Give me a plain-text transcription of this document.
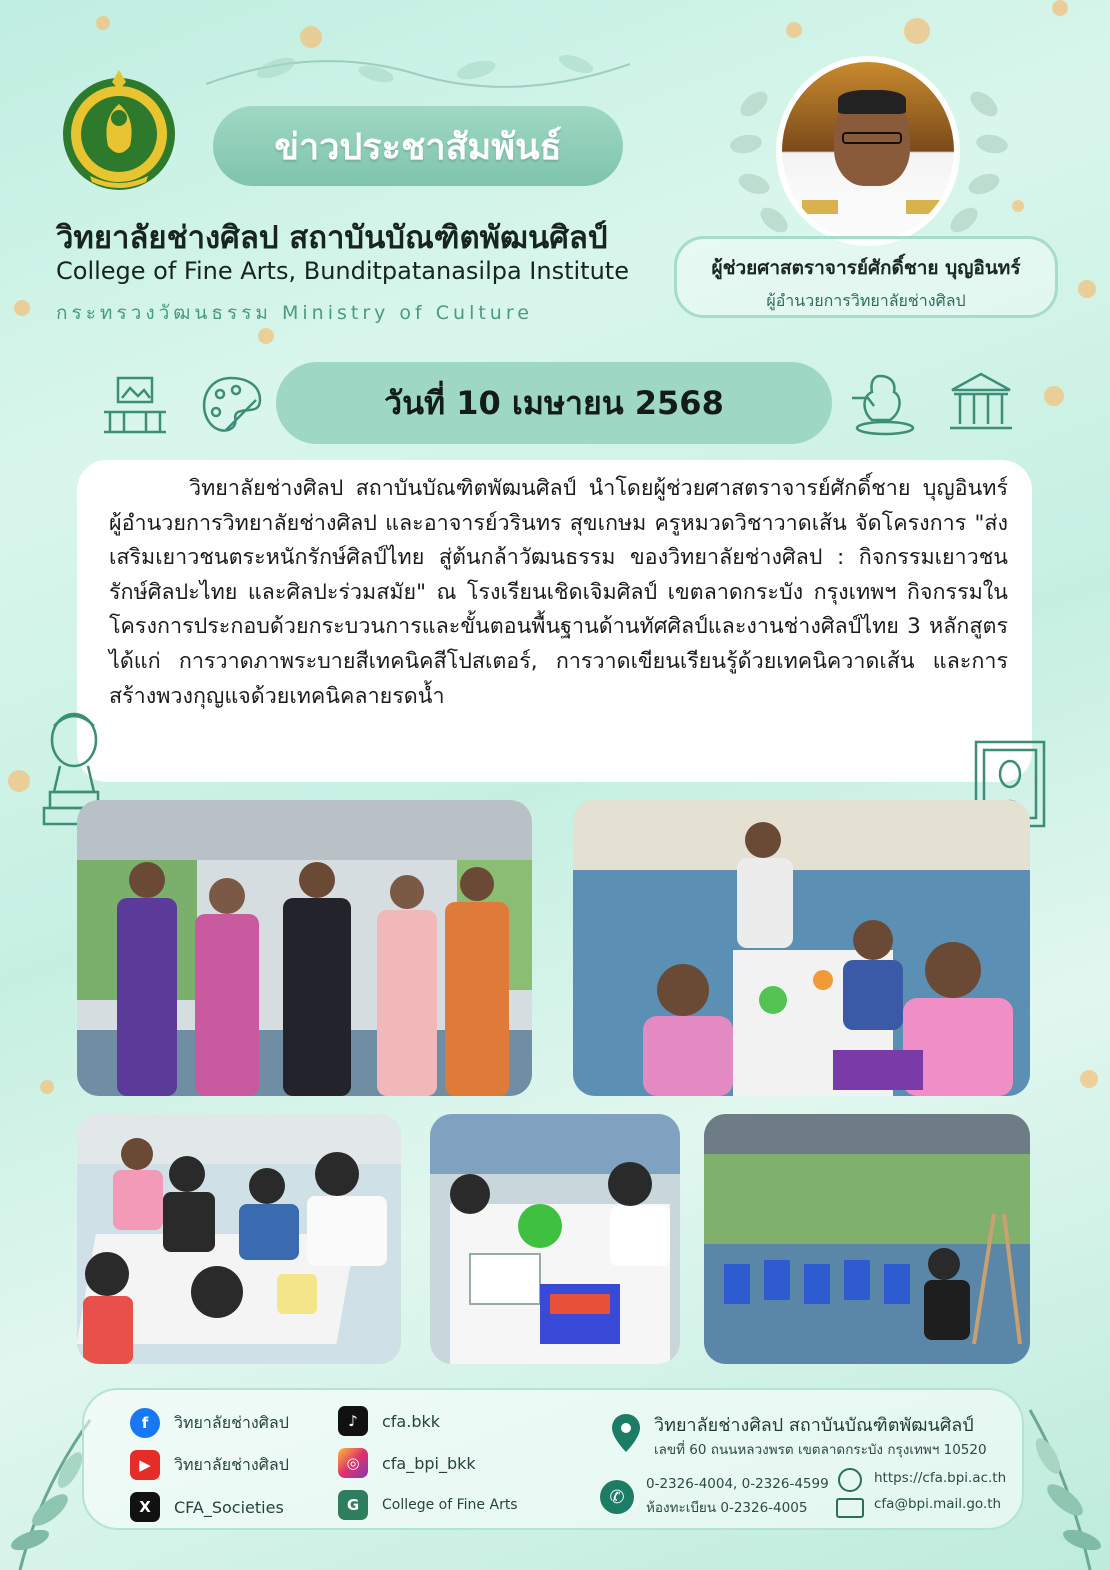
ข่าวประชาสัมพันธ์
วิทยาลัยช่างศิลป สถาบันบัณฑิตพัฒนศิลป์
College of Fine Arts, Bunditpatanasilpa Institute
กระทรวงวัฒนธรรม Ministry of Culture
ผู้ช่วยศาสตราจารย์ศักดิ์ชาย บุญอินทร์
ผู้อำนวยการวิทยาลัยช่างศิลป
วันที่ 10 เมษายน 2568

วิทยาลัยช่างศิลป สถาบันบัณฑิตพัฒนศิลป์ นำโดยผู้ช่วยศาสตราจารย์ศักดิ์ชาย บุญอินทร์ ผู้อำนวยการวิทยาลัยช่างศิลป และอาจารย์วรินทร สุขเกษม ครูหมวดวิชาวาดเส้น จัดโครงการ "ส่งเสริมเยาวชนตระหนักรักษ์ศิลป์ไทย สู่ต้นกล้าวัฒนธรรม ของวิทยาลัยช่างศิลป : กิจกรรมเยาวชนรักษ์ศิลปะไทย และศิลปะร่วมสมัย" ณ โรงเรียนเชิดเจิมศิลป์ เขตลาดกระบัง กรุงเทพฯ กิจกรรมในโครงการประกอบด้วยกระบวนการและขั้นตอนพื้นฐานด้านทัศศิลป์และงานช่างศิลป์ไทย 3 หลักสูตร ได้แก่ การวาดภาพระบายสีเทคนิคสีโปสเตอร์, การวาดเขียนเรียนรู้ด้วยเทคนิควาดเส้น และการสร้างพวงกุญแจด้วยเทคนิคลายรดน้ำ

f	วิทยาลัยช่างศิลป
▶	วิทยาลัยช่างศิลป
X	CFA_Societies
♪	cfa.bkk
◎	cfa_bpi_bkk
G	College of Fine Arts
วิทยาลัยช่างศิลป สถาบันบัณฑิตพัฒนศิลป์
เลขที่ 60 ถนนหลวงพรต เขตลาดกระบัง กรุงเทพฯ 10520
✆
0-2326-4004, 0-2326-4599
ห้องทะเบียน 0-2326-4005
https://cfa.bpi.ac.th
cfa@bpi.mail.go.th
